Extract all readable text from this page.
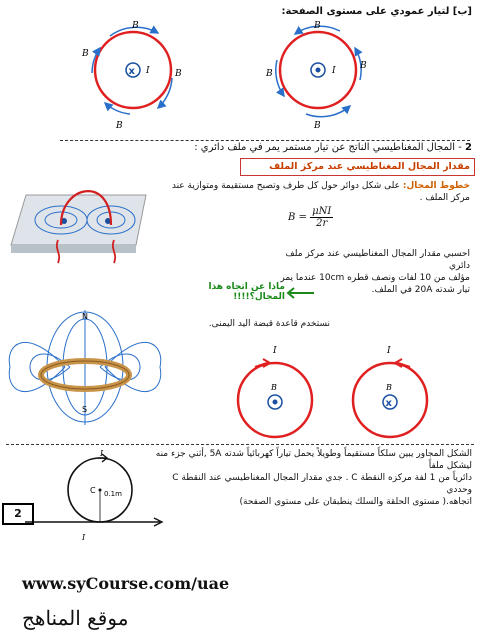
[ب] لتيار عمودي على مستوى الصفحة:
x I
B
B
B
B
I
B
B
B
B
2 - المجال المغناطيسي الناتج عن تيار مستمر يمر في ملف دائري :
مقدار المجال المغناطيسي عند مركز الملف
خطوط المجال: على شكل دوائر حول كل طرف وتصبح مستقيمة ومتوازية عند مركز الملف .
B =
μNI
2r
احسبي مقدار المجال المغناطيسي عند مركز ملف دائري
مؤلف من 10 لفات ونصف قطره 10cm عندما يمر
تيار شدته 20A في الملف.
ماذا عن اتجاه هذا المجال؟!!!!
نستخدم قاعدة قبضة اليد اليمنى.
N
S
I
B
I
x
B
الشكل المجاور يبين سلكاً مستقيماً وطويلاً يحمل تياراً كهربائياً شدته 5A ,أثني جزء منه ليشكل ملفاً
دائرياً من 1 لفة مركزه النقطة C . جدي مقدار المجال المغناطيسي عند النقطة C وحددي
اتجاهه.( مستوى الحلقة والسلك ينطبقان على مستوى الصفحة)
I
I
C 0.1m
2
www.syCourse.com/uae
موقع المناهج
